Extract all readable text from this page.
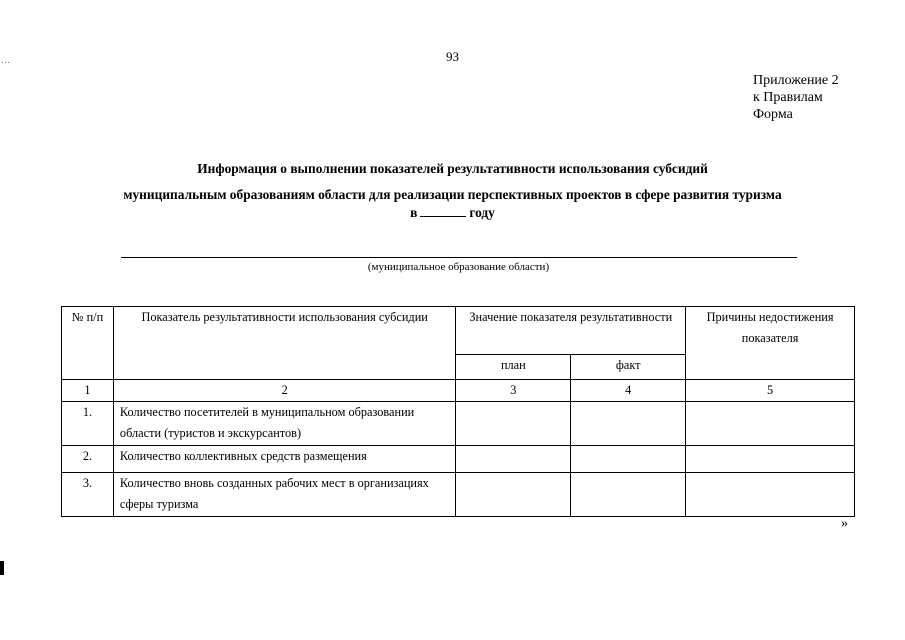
...	93
Приложение 2
к Правилам
Форма
Информация о выполнении показателей результативности использования субсидий
муниципальным образованиям области для реализации перспективных проектов в сфере развития туризма
в	году
(муниципальное образование области)
№ п/п	Показатель результативности использования субсидии	Значение показателя результативности		Причины недостижения показателя
		план	факт	
1	2	3	4	5
1.	Количество посетителей в муниципальном образовании области (туристов и экскурсантов)			
2.	Количество коллективных средств размещения			
3.	Количество вновь созданных рабочих мест в организациях сферы туризма			
»
